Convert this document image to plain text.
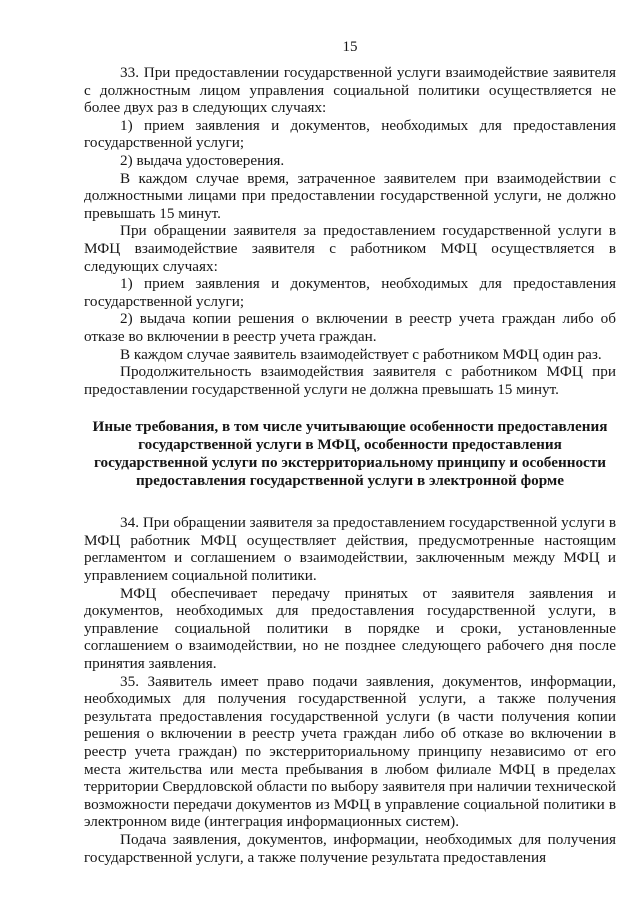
15

33. При предоставлении государственной услуги взаимодействие заявителя с должностным лицом управления социальной политики осуществляется не более двух раз в следующих случаях:

1) прием заявления и документов, необходимых для предоставления государственной услуги;

2) выдача удостоверения.

В каждом случае время, затраченное заявителем при взаимодействии с должностными лицами при предоставлении государственной услуги, не должно превышать 15 минут.

При обращении заявителя за предоставлением государственной услуги в МФЦ взаимодействие заявителя с работником МФЦ осуществляется в следующих случаях:

1) прием заявления и документов, необходимых для предоставления государственной услуги;

2) выдача копии решения о включении в реестр учета граждан либо об отказе во включении в реестр учета граждан.

В каждом случае заявитель взаимодействует с работником МФЦ один раз.

Продолжительность взаимодействия заявителя с работником МФЦ при предоставлении государственной услуги не должна превышать 15 минут.

Иные требования, в том числе учитывающие особенности предоставления государственной услуги в МФЦ, особенности предоставления государственной услуги по экстерриториальному принципу и особенности предоставления государственной услуги в электронной форме

34. При обращении заявителя за предоставлением государственной услуги в МФЦ работник МФЦ осуществляет действия, предусмотренные настоящим регламентом и соглашением о взаимодействии, заключенным между МФЦ и управлением социальной политики.

МФЦ обеспечивает передачу принятых от заявителя заявления и документов, необходимых для предоставления государственной услуги, в управление социальной политики в порядке и сроки, установленные соглашением о взаимодействии, но не позднее следующего рабочего дня после принятия заявления.

35. Заявитель имеет право подачи заявления, документов, информации, необходимых для получения государственной услуги, а также получения результата предоставления государственной услуги (в части получения копии решения о включении в реестр учета граждан либо об отказе во включении в реестр учета граждан) по экстерриториальному принципу независимо от его места жительства или места пребывания в любом филиале МФЦ в пределах территории Свердловской области по выбору заявителя при наличии технической возможности передачи документов из МФЦ в управление социальной политики в электронном виде (интеграция информационных систем).

Подача заявления, документов, информации, необходимых для получения государственной услуги, а также получение результата предоставления
